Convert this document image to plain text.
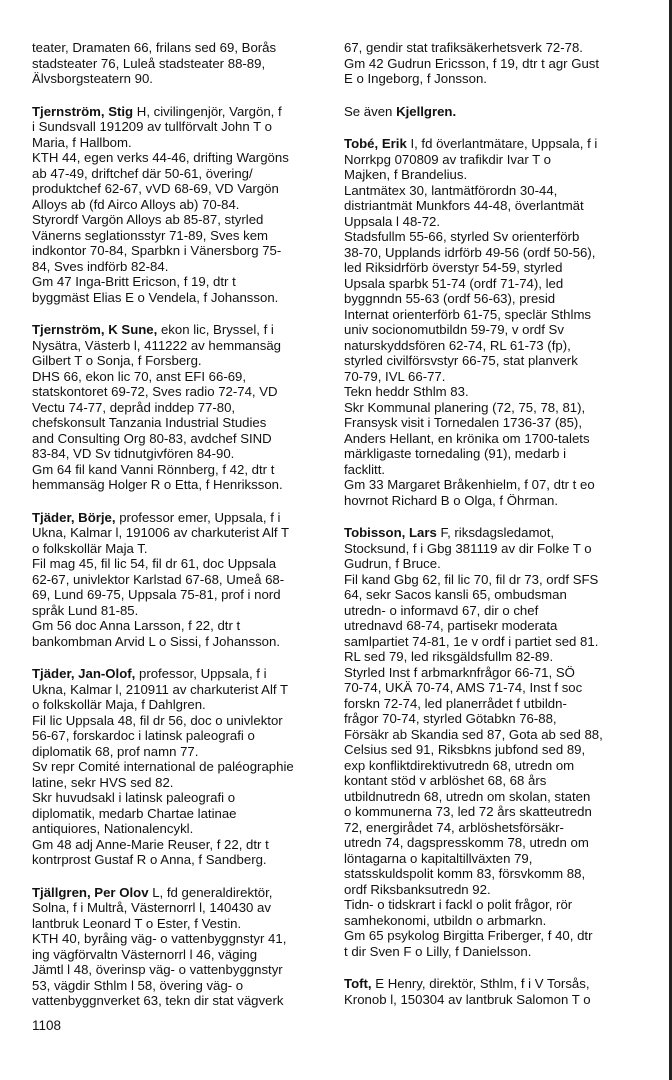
teater, Dramaten 66, frilans sed 69, Borås
stadsteater 76, Luleå stadsteater 88-89,
Älvsborgsteatern 90.
Tjernström, Stig H, civilingenjör, Vargön, f
i Sundsvall 191209 av tullförvalt John T o
Maria, f Hallbom.
KTH 44, egen verks 44-46, drifting Wargöns
ab 47-49, driftchef där 50-61, övering/
produktchef 62-67, vVD 68-69, VD Vargön
Alloys ab (fd Airco Alloys ab) 70-84.
Styrordf Vargön Alloys ab 85-87, styrled
Vänerns seglationsstyr 71-89, Sves kem
indkontor 70-84, Sparbkn i Vänersborg 75-
84, Sves indförb 82-84.
Gm 47 Inga-Britt Ericson, f 19, dtr t
byggmäst Elias E o Vendela, f Johansson.
Tjernström, K Sune, ekon lic, Bryssel, f i
Nysätra, Västerb l, 411222 av hemmansäg
Gilbert T o Sonja, f Forsberg.
DHS 66, ekon lic 70, anst EFI 66-69,
statskontoret 69-72, Sves radio 72-74, VD
Vectu 74-77, depråd inddep 77-80,
chefskonsult Tanzania Industrial Studies
and Consulting Org 80-83, avdchef SIND
83-84, VD Sv tidnutgivfören 84-90.
Gm 64 fil kand Vanni Rönnberg, f 42, dtr t
hemmansäg Holger R o Etta, f Henriksson.
Tjäder, Börje, professor emer, Uppsala, f i
Ukna, Kalmar l, 191006 av charkuterist Alf T
o folkskollär Maja T.
Fil mag 45, fil lic 54, fil dr 61, doc Uppsala
62-67, univlektor Karlstad 67-68, Umeå 68-
69, Lund 69-75, Uppsala 75-81, prof i nord
språk Lund 81-85.
Gm 56 doc Anna Larsson, f 22, dtr t
bankombman Arvid L o Sissi, f Johansson.
Tjäder, Jan-Olof, professor, Uppsala, f i
Ukna, Kalmar l, 210911 av charkuterist Alf T
o folkskollär Maja, f Dahlgren.
Fil lic Uppsala 48, fil dr 56, doc o univlektor
56-67, forskardoc i latinsk paleografi o
diplomatik 68, prof namn 77.
Sv repr Comité international de paléographie
latine, sekr HVS sed 82.
Skr huvudsakl i latinsk paleografi o
diplomatik, medarb Chartae latinae
antiquiores, Nationalencykl.
Gm 48 adj Anne-Marie Reuser, f 22, dtr t
kontrprost Gustaf R o Anna, f Sandberg.
Tjällgren, Per Olov L, fd generaldirektör,
Solna, f i Multrå, Västernorrl l, 140430 av
lantbruk Leonard T o Ester, f Vestin.
KTH 40, byråing väg- o vattenbyggnstyr 41,
ing vägförvaltn Västernorrl l 46, väging
Jämtl l 48, överinsp väg- o vattenbyggnstyr
53, vägdir Sthlm l 58, övering väg- o
vattenbyggnverket 63, tekn dir stat vägverk
67, gendir stat trafiksäkerhetsverk 72-78.
Gm 42 Gudrun Ericsson, f 19, dtr t agr Gust
E o Ingeborg, f Jonsson.
Se även Kjellgren.
Tobé, Erik I, fd överlantmätare, Uppsala, f i
Norrkpg 070809 av trafikdir Ivar T o
Majken, f Brandelius.
Lantmätex 30, lantmätförordn 30-44,
distriantmät Munkfors 44-48, överlantmät
Uppsala l 48-72.
Stadsfullm 55-66, styrled Sv orienterförb
38-70, Upplands idrförb 49-56 (ordf 50-56),
led Riksidrförb överstyr 54-59, styrled
Upsala sparbk 51-74 (ordf 71-74), led
byggnndn 55-63 (ordf 56-63), presid
Internat orienterförb 61-75, speclär Sthlms
univ socionomutbildn 59-79, v ordf Sv
naturskyddsfören 62-74, RL 61-73 (fp),
styrled civilförsvstyr 66-75, stat planverk
70-79, IVL 66-77.
Tekn heddr Sthlm 83.
Skr Kommunal planering (72, 75, 78, 81),
Fransysk visit i Tornedalen 1736-37 (85),
Anders Hellant, en krönika om 1700-talets
märkligaste tornedaling (91), medarb i
facklitt.
Gm 33 Margaret Bråkenhielm, f 07, dtr t eo
hovrnot Richard B o Olga, f Öhrman.
Tobisson, Lars F, riksdagsledamot,
Stocksund, f i Gbg 381119 av dir Folke T o
Gudrun, f Bruce.
Fil kand Gbg 62, fil lic 70, fil dr 73, ordf SFS
64, sekr Sacos kansli 65, ombudsman
utredn- o informavd 67, dir o chef
utrednavd 68-74, partisekr moderata
samlpartiet 74-81, 1e v ordf i partiet sed 81.
RL sed 79, led riksgäldsfullm 82-89.
Styrled Inst f arbmarknfrågor 66-71, SÖ
70-74, UKÄ 70-74, AMS 71-74, Inst f soc
forskn 72-74, led planerrådet f utbildn-
frågor 70-74, styrled Götabkn 76-88,
Försäkr ab Skandia sed 87, Gota ab sed 88,
Celsius sed 91, Riksbkns jubfond sed 89,
exp konfliktdirektivutredn 68, utredn om
kontant stöd v arblöshet 68, 68 års
utbildnutredn 68, utredn om skolan, staten
o kommunerna 73, led 72 års skatteutredn
72, energirådet 74, arblöshetsförsäkr-
utredn 74, dagspresskomm 78, utredn om
löntagarna o kapitaltillväxten 79,
statsskuldspolit komm 83, försvkomm 88,
ordf Riksbanksutredn 92.
Tidn- o tidskrart i fackl o polit frågor, rör
samhekonomi, utbildn o arbmarkn.
Gm 65 psykolog Birgitta Friberger, f 40, dtr
t dir Sven F o Lilly, f Danielsson.
Toft, E Henry, direktör, Sthlm, f i V Torsås,
Kronob l, 150304 av lantbruk Salomon T o
1108
